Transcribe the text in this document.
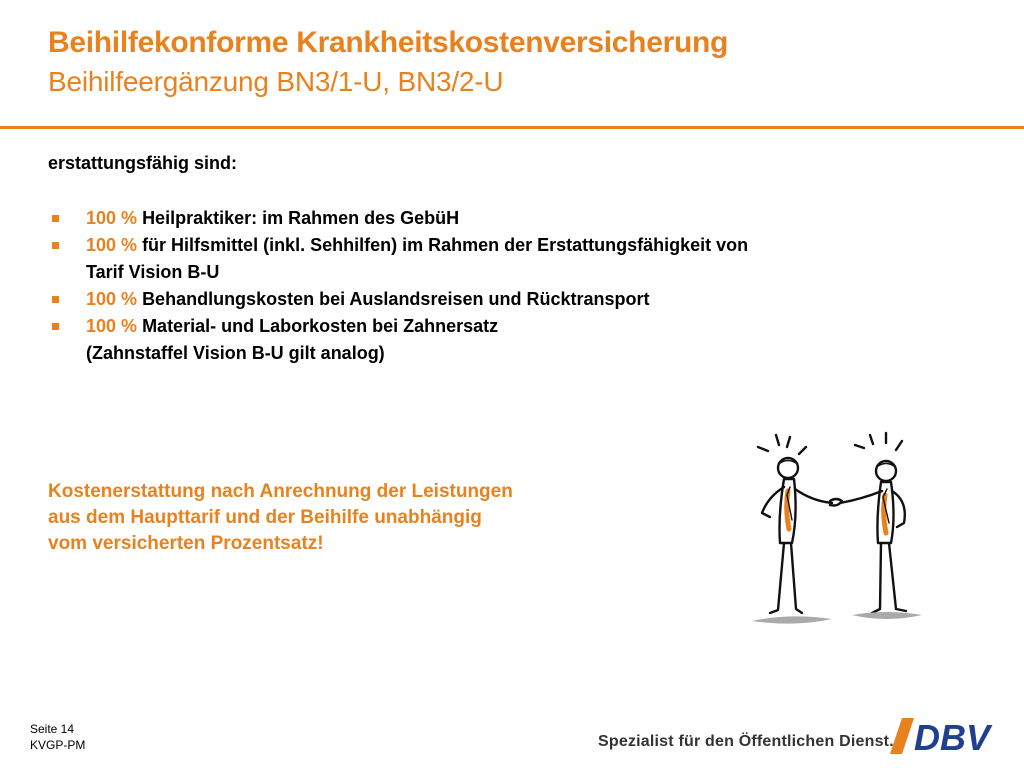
Beihilfekonforme Krankheitskostenversicherung
Beihilfeergänzung BN3/1-U, BN3/2-U
erstattungsfähig sind:
100 % Heilpraktiker: im Rahmen des GebüH
100 % für Hilfsmittel (inkl. Sehhilfen) im Rahmen der Erstattungsfähigkeit von
Tarif Vision B-U
100 % Behandlungskosten bei Auslandsreisen und Rücktransport
100 % Material- und Laborkosten bei Zahnersatz
(Zahnstaffel Vision B-U gilt analog)
Kostenerstattung nach Anrechnung der Leistungen
aus dem Haupttarif und der Beihilfe unabhängig
vom versicherten Prozentsatz!
Seite 14
KVGP-PM	Spezialist für den Öffentlichen Dienst. DBV
